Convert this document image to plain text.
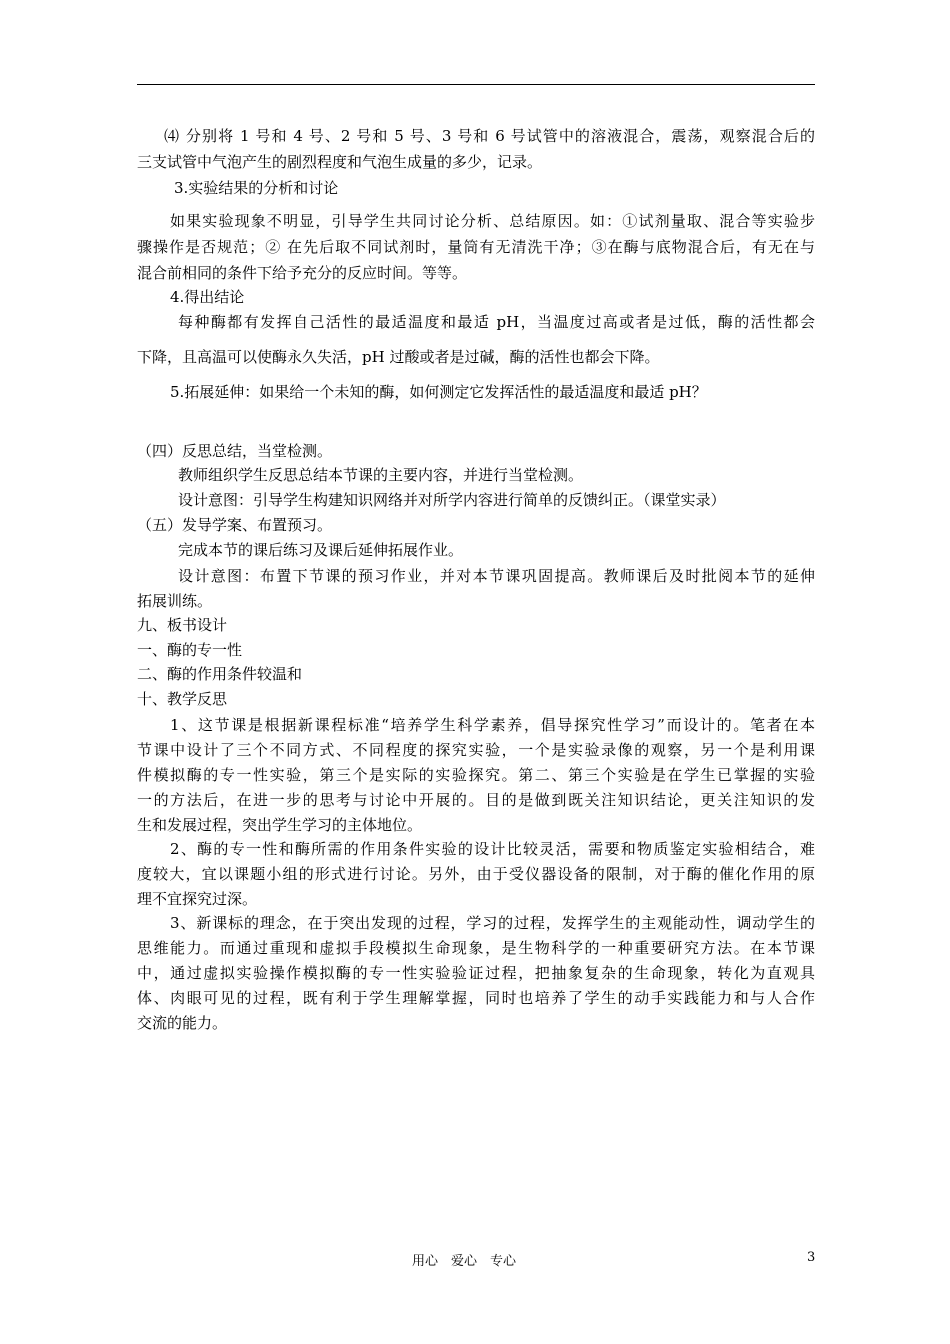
⑷ 分别将 1 号和 4 号、2 号和 5 号、3 号和 6 号试管中的溶液混合，震荡，观察混合后的
三支试管中气泡产生的剧烈程度和气泡生成量的多少，记录。
3.实验结果的分析和讨论
如果实验现象不明显，引导学生共同讨论分析、总结原因。如：①试剂量取、混合等实验步
骤操作是否规范；② 在先后取不同试剂时，量筒有无清洗干净；③在酶与底物混合后，有无在与
混合前相同的条件下给予充分的反应时间。等等。
4.得出结论
每种酶都有发挥自己活性的最适温度和最适 pH，当温度过高或者是过低，酶的活性都会
下降，且高温可以使酶永久失活，pH 过酸或者是过碱，酶的活性也都会下降。
5.拓展延伸：如果给一个未知的酶，如何测定它发挥活性的最适温度和最适 pH？
（四）反思总结，当堂检测。
教师组织学生反思总结本节课的主要内容，并进行当堂检测。
设计意图：引导学生构建知识网络并对所学内容进行简单的反馈纠正。（课堂实录）
（五）发导学案、布置预习。
完成本节的课后练习及课后延伸拓展作业。
设计意图：布置下节课的预习作业，并对本节课巩固提高。教师课后及时批阅本节的延伸
拓展训练。
九、板书设计
一、酶的专一性
二、酶的作用条件较温和
十、教学反思
1、这节课是根据新课程标准“培养学生科学素养，倡导探究性学习”而设计的。笔者在本
节课中设计了三个不同方式、不同程度的探究实验，一个是实验录像的观察，另一个是利用课
件模拟酶的专一性实验，第三个是实际的实验探究。第二、第三个实验是在学生已掌握的实验
一的方法后，在进一步的思考与讨论中开展的。目的是做到既关注知识结论，更关注知识的发
生和发展过程，突出学生学习的主体地位。
2、酶的专一性和酶所需的作用条件实验的设计比较灵活，需要和物质鉴定实验相结合，难
度较大，宜以课题小组的形式进行讨论。另外，由于受仪器设备的限制，对于酶的催化作用的原
理不宜探究过深。
3、新课标的理念，在于突出发现的过程，学习的过程，发挥学生的主观能动性，调动学生的
思维能力。而通过重现和虚拟手段模拟生命现象，是生物科学的一种重要研究方法。在本节课
中，通过虚拟实验操作模拟酶的专一性实验验证过程，把抽象复杂的生命现象，转化为直观具
体、肉眼可见的过程，既有利于学生理解掌握，同时也培养了学生的动手实践能力和与人合作
交流的能力。
用心　爱心　专心	3
